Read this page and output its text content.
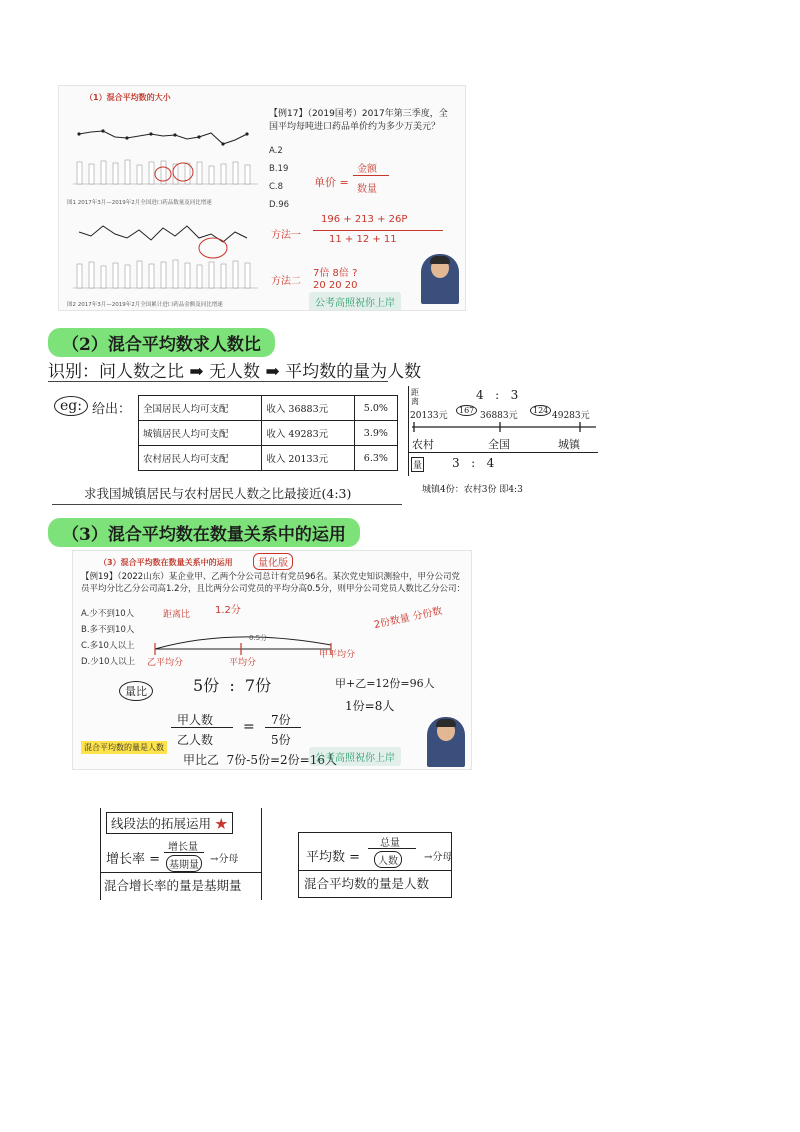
（1）混合平均数的大小
图1 2017年3月—2019年2月全国进口药品数量及同比增速
图2 2017年3月—2019年2月全国累计进口药品金额及同比增速
【例17】（2019国考）2017年第三季度，全国平均每吨进口药品单价约为多少万美元？
A.2
B.19
C.8
D.96
单价 =
金额
数量
方法一
196 + 213 + 26P
11 + 12 + 11
方法二
7倍 8倍 ?
20 20 20
公考高照祝你上岸
（2）混合平均数求人数比
识别：问人数之比 ➡ 无人数 ➡ 平均数的量为人数
eg: 给出： 全国居民人均可支配	收入 36883元	5.0%
城镇居民人均可支配	收入 49283元	3.9%
农村居民人均可支配	收入 20133元	6.3%
求我国城镇居民与农村居民人数之比最接近(4:3)
距离	4   :   3
20133元
167
36883元
124
49283元
农村	全国	城镇
量 3   :   4
城镇4份：农村3份 即4:3
（3）混合平均数在数量关系中的运用
（3）混合平均数在数量关系中的运用	量化版
【例19】（2022山东）某企业甲、乙两个分公司总计有党员96名。某次党史知识测验中，甲分公司党员平均分比乙分公司高1.2分，且比两分公司党员的平均分高0.5分，则甲分公司党员人数比乙分公司：
A.少不到10人
B.多不到10人
C.多10人以上
D.少10人以上
1.2分
距离比	2份数量 分份数
0.5分
乙平均分	平均分
甲平均分
5份  :  7份
量比
甲+乙=12份=96人
1份=8人
甲人数
乙人数
= 7份
5份
甲比乙  7份-5份=2份=16人
混合平均数的量是人数
公考高照祝你上岸
线段法的拓展运用 ★
增长率 =
增长量
基期量
→分母
混合增长率的量是基期量
平均数 =
总量
人数	→分母
混合平均数的量是人数
